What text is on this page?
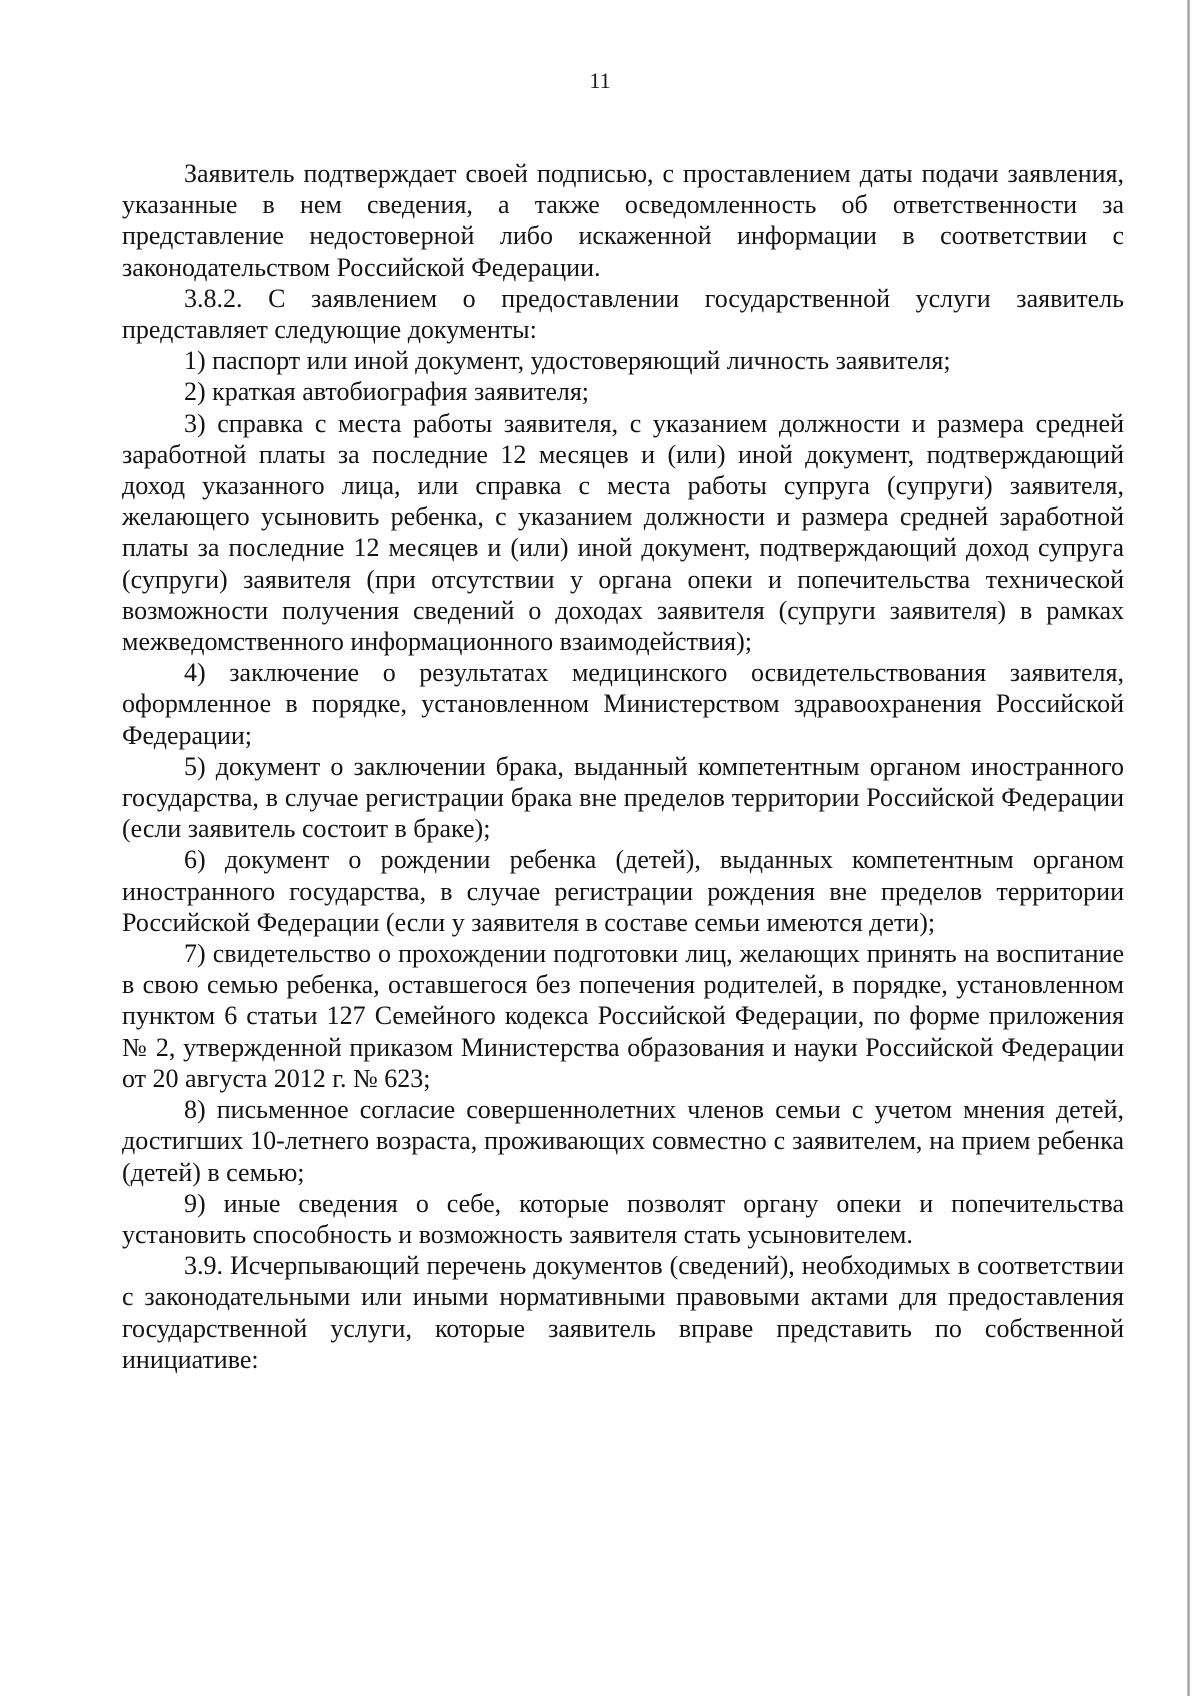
11

Заявитель подтверждает своей подписью, с проставлением даты подачи заявления, указанные в нем сведения, а также осведомленность об ответственности за представление недостоверной либо искаженной информации в соответствии с законодательством Российской Федерации.

3.8.2. С заявлением о предоставлении государственной услуги заявитель представляет следующие документы:

1) паспорт или иной документ, удостоверяющий личность заявителя;

2) краткая автобиография заявителя;

3) справка с места работы заявителя, с указанием должности и размера средней заработной платы за последние 12 месяцев и (или) иной документ, подтверждающий доход указанного лица, или справка с места работы супруга (супруги) заявителя, желающего усыновить ребенка, с указанием должности и размера средней заработной платы за последние 12 месяцев и (или) иной документ, подтверждающий доход супруга (супруги) заявителя (при отсутствии у органа опеки и попечительства технической возможности получения сведений о доходах заявителя (супруги заявителя) в рамках межведомственного информационного взаимодействия);

4) заключение о результатах медицинского освидетельствования заявителя, оформленное в порядке, установленном Министерством здравоохранения Российской Федерации;

5) документ о заключении брака, выданный компетентным органом иностранного государства, в случае регистрации брака вне пределов территории Российской Федерации (если заявитель состоит в браке);

6) документ о рождении ребенка (детей), выданных компетентным органом иностранного государства, в случае регистрации рождения вне пределов территории Российской Федерации (если у заявителя в составе семьи имеются дети);

7) свидетельство о прохождении подготовки лиц, желающих принять на воспитание в свою семью ребенка, оставшегося без попечения родителей, в порядке, установленном пунктом 6 статьи 127 Семейного кодекса Российской Федерации, по форме приложения № 2, утвержденной приказом Министерства образования и науки Российской Федерации от 20 августа 2012 г. № 623;

8) письменное согласие совершеннолетних членов семьи с учетом мнения детей, достигших 10-летнего возраста, проживающих совместно с заявителем, на прием ребенка (детей) в семью;

9) иные сведения о себе, которые позволят органу опеки и попечительства установить способность и возможность заявителя стать усыновителем.

3.9. Исчерпывающий перечень документов (сведений), необходимых в соответствии с законодательными или иными нормативными правовыми актами для предоставления государственной услуги, которые заявитель вправе представить по собственной инициативе:
